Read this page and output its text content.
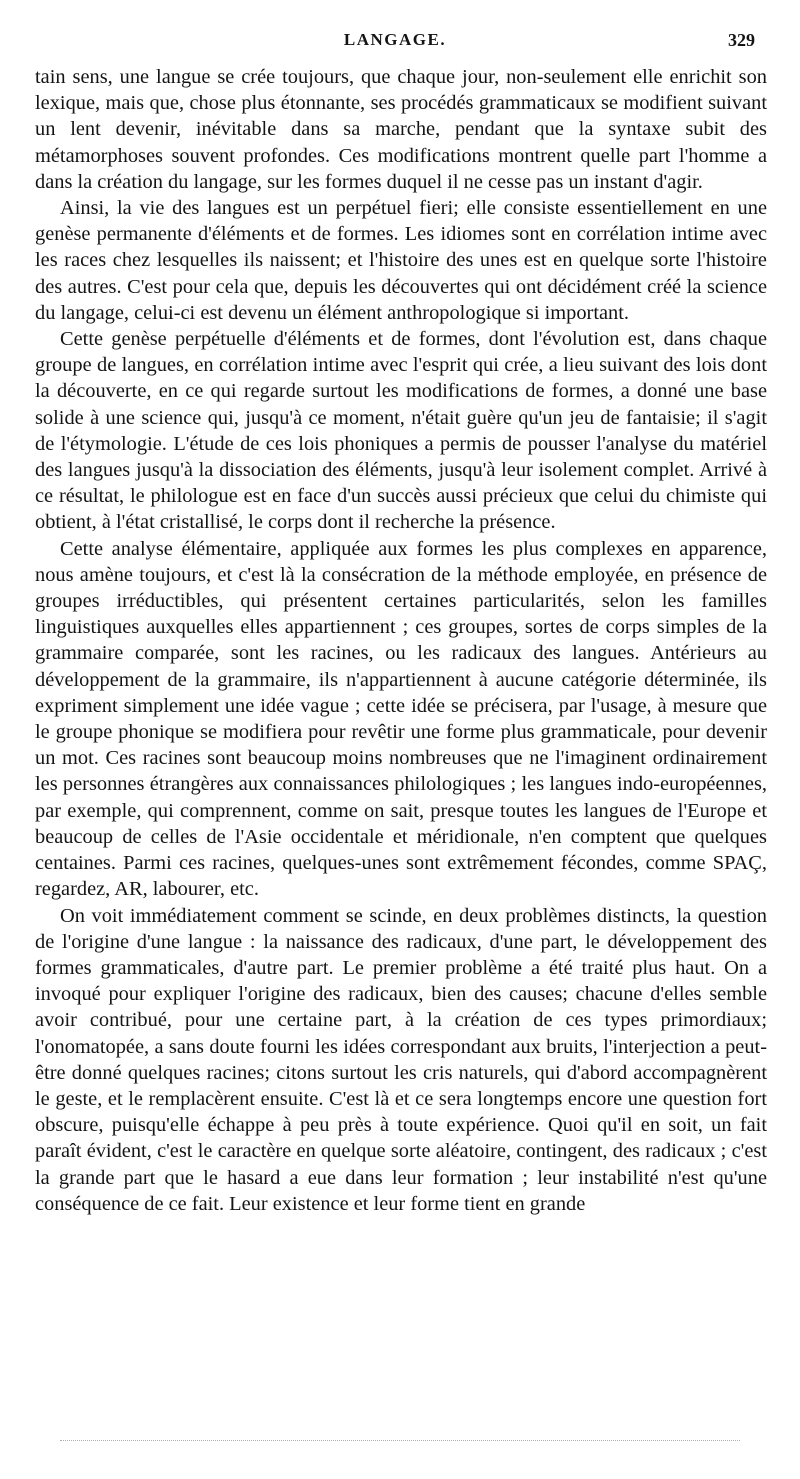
LANGAGE.	329

tain sens, une langue se crée toujours, que chaque jour, non-seulement elle enrichit son lexique, mais que, chose plus étonnante, ses procédés grammaticaux se modifient suivant un lent devenir, inévitable dans sa marche, pendant que la syntaxe subit des métamorphoses souvent profondes. Ces modifications montrent quelle part l'homme a dans la création du langage, sur les formes duquel il ne cesse pas un instant d'agir.

Ainsi, la vie des langues est un perpétuel fieri; elle consiste essentiellement en une genèse permanente d'éléments et de formes. Les idiomes sont en corrélation intime avec les races chez lesquelles ils naissent; et l'histoire des unes est en quelque sorte l'histoire des autres. C'est pour cela que, depuis les découvertes qui ont décidément créé la science du langage, celui-ci est devenu un élément anthropologique si important.

Cette genèse perpétuelle d'éléments et de formes, dont l'évolution est, dans chaque groupe de langues, en corrélation intime avec l'esprit qui crée, a lieu suivant des lois dont la découverte, en ce qui regarde surtout les modifications de formes, a donné une base solide à une science qui, jusqu'à ce moment, n'était guère qu'un jeu de fantaisie; il s'agit de l'étymologie. L'étude de ces lois phoniques a permis de pousser l'analyse du matériel des langues jusqu'à la dissociation des éléments, jusqu'à leur isolement complet. Arrivé à ce résultat, le philologue est en face d'un succès aussi précieux que celui du chimiste qui obtient, à l'état cristallisé, le corps dont il recherche la présence.

Cette analyse élémentaire, appliquée aux formes les plus complexes en apparence, nous amène toujours, et c'est là la consécration de la méthode employée, en présence de groupes irréductibles, qui présentent certaines particularités, selon les familles linguistiques auxquelles elles appartiennent ; ces groupes, sortes de corps simples de la grammaire comparée, sont les racines, ou les radicaux des langues. Antérieurs au développement de la grammaire, ils n'appartiennent à aucune catégorie déterminée, ils expriment simplement une idée vague ; cette idée se précisera, par l'usage, à mesure que le groupe phonique se modifiera pour revêtir une forme plus grammaticale, pour devenir un mot. Ces racines sont beaucoup moins nombreuses que ne l'imaginent ordinairement les personnes étrangères aux connaissances philologiques ; les langues indo-européennes, par exemple, qui comprennent, comme on sait, presque toutes les langues de l'Europe et beaucoup de celles de l'Asie occidentale et méridionale, n'en comptent que quelques centaines. Parmi ces racines, quelques-unes sont extrêmement fécondes, comme SPAÇ, regardez, AR, labourer, etc.

On voit immédiatement comment se scinde, en deux problèmes distincts, la question de l'origine d'une langue : la naissance des radicaux, d'une part, le développement des formes grammaticales, d'autre part. Le premier problème a été traité plus haut. On a invoqué pour expliquer l'origine des radicaux, bien des causes; chacune d'elles semble avoir contribué, pour une certaine part, à la création de ces types primordiaux; l'onomatopée, a sans doute fourni les idées correspondant aux bruits, l'interjection a peut-être donné quelques racines; citons surtout les cris naturels, qui d'abord accompagnèrent le geste, et le remplacèrent ensuite. C'est là et ce sera longtemps encore une question fort obscure, puisqu'elle échappe à peu près à toute expérience. Quoi qu'il en soit, un fait paraît évident, c'est le caractère en quelque sorte aléatoire, contingent, des radicaux ; c'est la grande part que le hasard a eue dans leur formation ; leur instabilité n'est qu'une conséquence de ce fait. Leur existence et leur forme tient en grande
